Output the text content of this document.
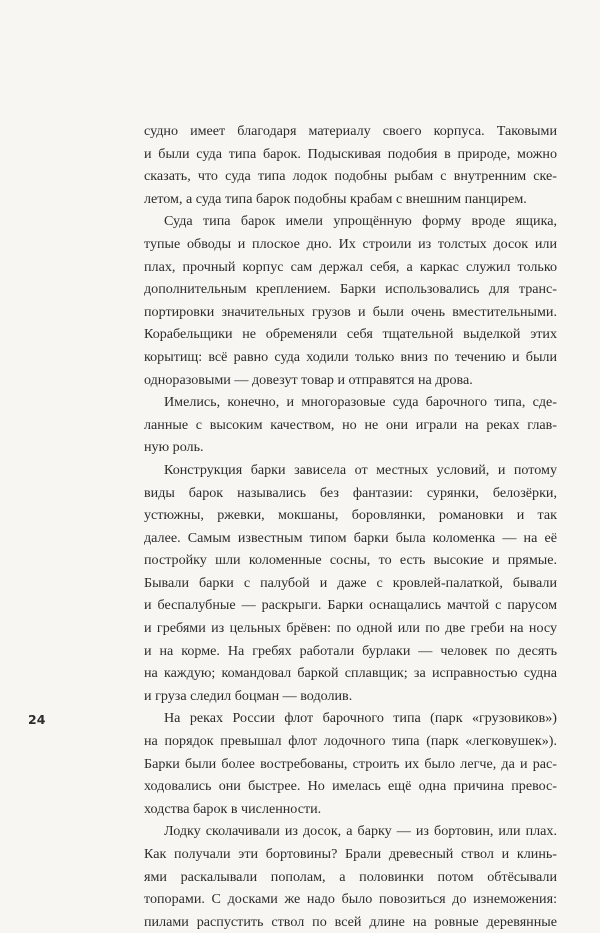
судно имеет благодаря материалу своего корпуса. Таковыми
и были суда типа барок. Подыскивая подобия в природе, можно
сказать, что суда типа лодок подобны рыбам с внутренним ске-
летом, а суда типа барок подобны крабам с внешним панцирем.
Суда типа барок имели упрощённую форму вроде ящика,
тупые обводы и плоское дно. Их строили из толстых досок или
плах, прочный корпус сам держал себя, а каркас служил только
дополнительным креплением. Барки использовались для транс-
портировки значительных грузов и были очень вместительными.
Корабельщики не обременяли себя тщательной выделкой этих
корытищ: всё равно суда ходили только вниз по течению и были
одноразовыми — довезут товар и отправятся на дрова.
Имелись, конечно, и многоразовые суда барочного типа, сде-
ланные с высоким качеством, но не они играли на реках глав-
ную роль.
Конструкция барки зависела от местных условий, и потому
виды барок назывались без фантазии: сурянки, белозёрки,
устюжны, ржевки, мокшаны, боровлянки, романовки и так
далее. Самым известным типом барки была коломенка — на её
постройку шли коломенные сосны, то есть высокие и прямые.
Бывали барки с палубой и даже с кровлей-палаткой, бывали
и беспалубные — раскрыги. Барки оснащались мачтой с парусом
и гребями из цельных брёвен: по одной или по две греби на носу
и на корме. На гребях работали бурлаки — человек по десять
на каждую; командовал баркой сплавщик; за исправностью судна
и груза следил боцман — водолив.
На реках России флот барочного типа (парк «грузовиков»)
на порядок превышал флот лодочного типа (парк «легковушек»).
Барки были более востребованы, строить их было легче, да и рас-
ходовались они быстрее. Но имелась ещё одна причина превос-
ходства барок в численности.
Лодку сколачивали из досок, а барку — из бортовин, или плах.
Как получали эти бортовины? Брали древесный ствол и клинь-
ями раскалывали пополам, а половинки потом обтёсывали
топорами. С досками же надо было повозиться до изнеможения:
пилами распустить ствол по всей длине на ровные деревянные
24
